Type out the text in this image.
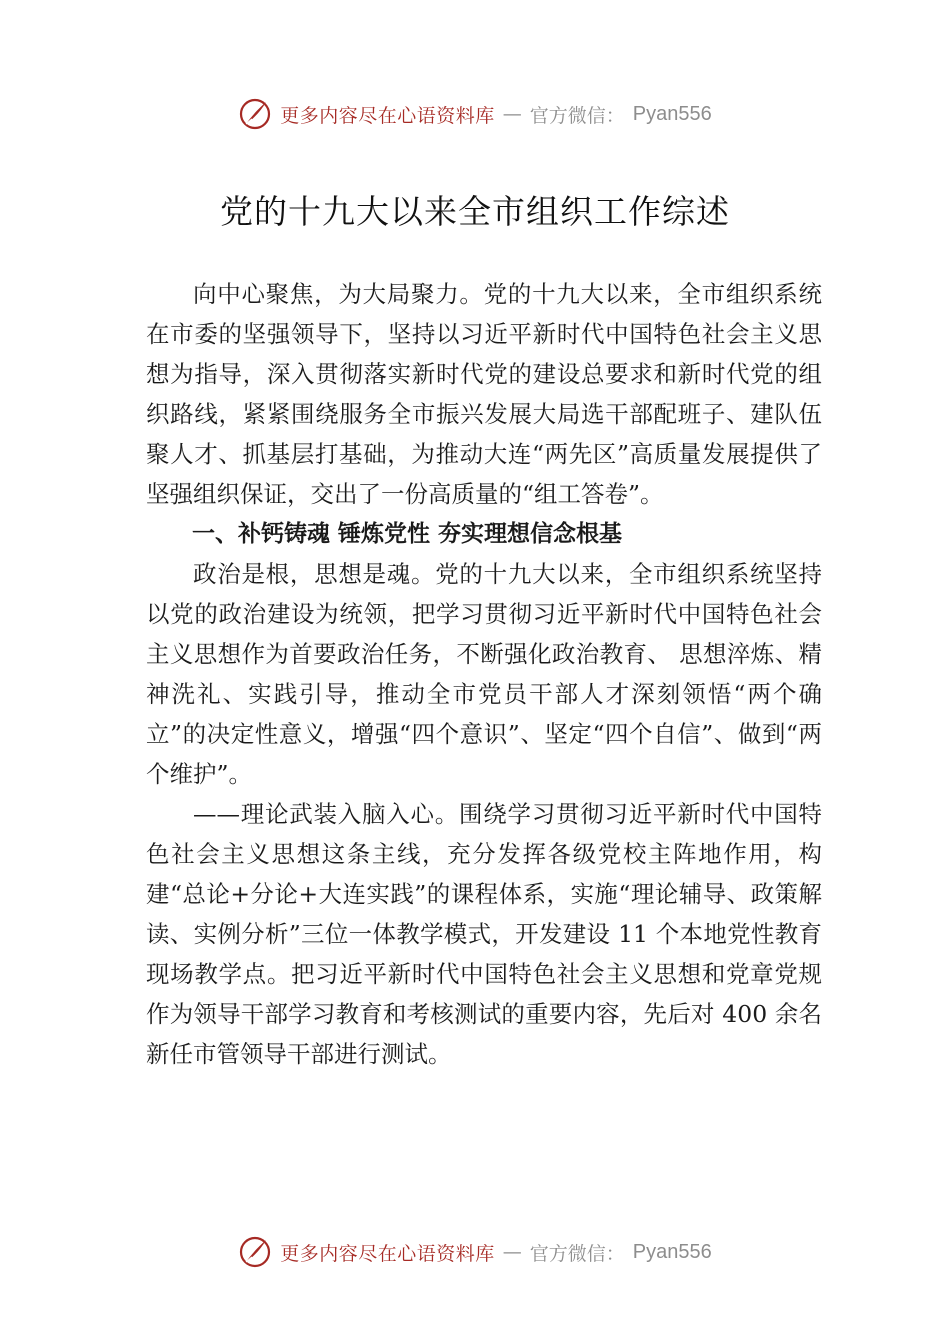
更多内容尽在心语资料库 — 官方微信： Pyan556
党的十九大以来全市组织工作综述

向中心聚焦，为大局聚力。党的十九大以来，全市组织系统在市委的坚强领导下，坚持以习近平新时代中国特色社会主义思想为指导，深入贯彻落实新时代党的建设总要求和新时代党的组织路线，紧紧围绕服务全市振兴发展大局选干部配班子、建队伍聚人才、抓基层打基础，为推动大连“两先区”高质量发展提供了坚强组织保证，交出了一份高质量的“组工答卷”。

一、补钙铸魂 锤炼党性 夯实理想信念根基

政治是根，思想是魂。党的十九大以来，全市组织系统坚持以党的政治建设为统领，把学习贯彻习近平新时代中国特色社会主义思想作为首要政治任务，不断强化政治教育、 思想淬炼、精神洗礼、实践引导，推动全市党员干部人才深刻领悟“两个确立”的决定性意义，增强“四个意识”、坚定“四个自信”、做到“两个维护”。

——理论武装入脑入心。围绕学习贯彻习近平新时代中国特色社会主义思想这条主线，充分发挥各级党校主阵地作用，构建“总论+分论+大连实践”的课程体系，实施“理论辅导、政策解读、实例分析”三位一体教学模式，开发建设 11 个本地党性教育现场教学点。把习近平新时代中国特色社会主义思想和党章党规作为领导干部学习教育和考核测试的重要内容，先后对 400 余名新任市管领导干部进行测试。

更多内容尽在心语资料库 — 官方微信： Pyan556
